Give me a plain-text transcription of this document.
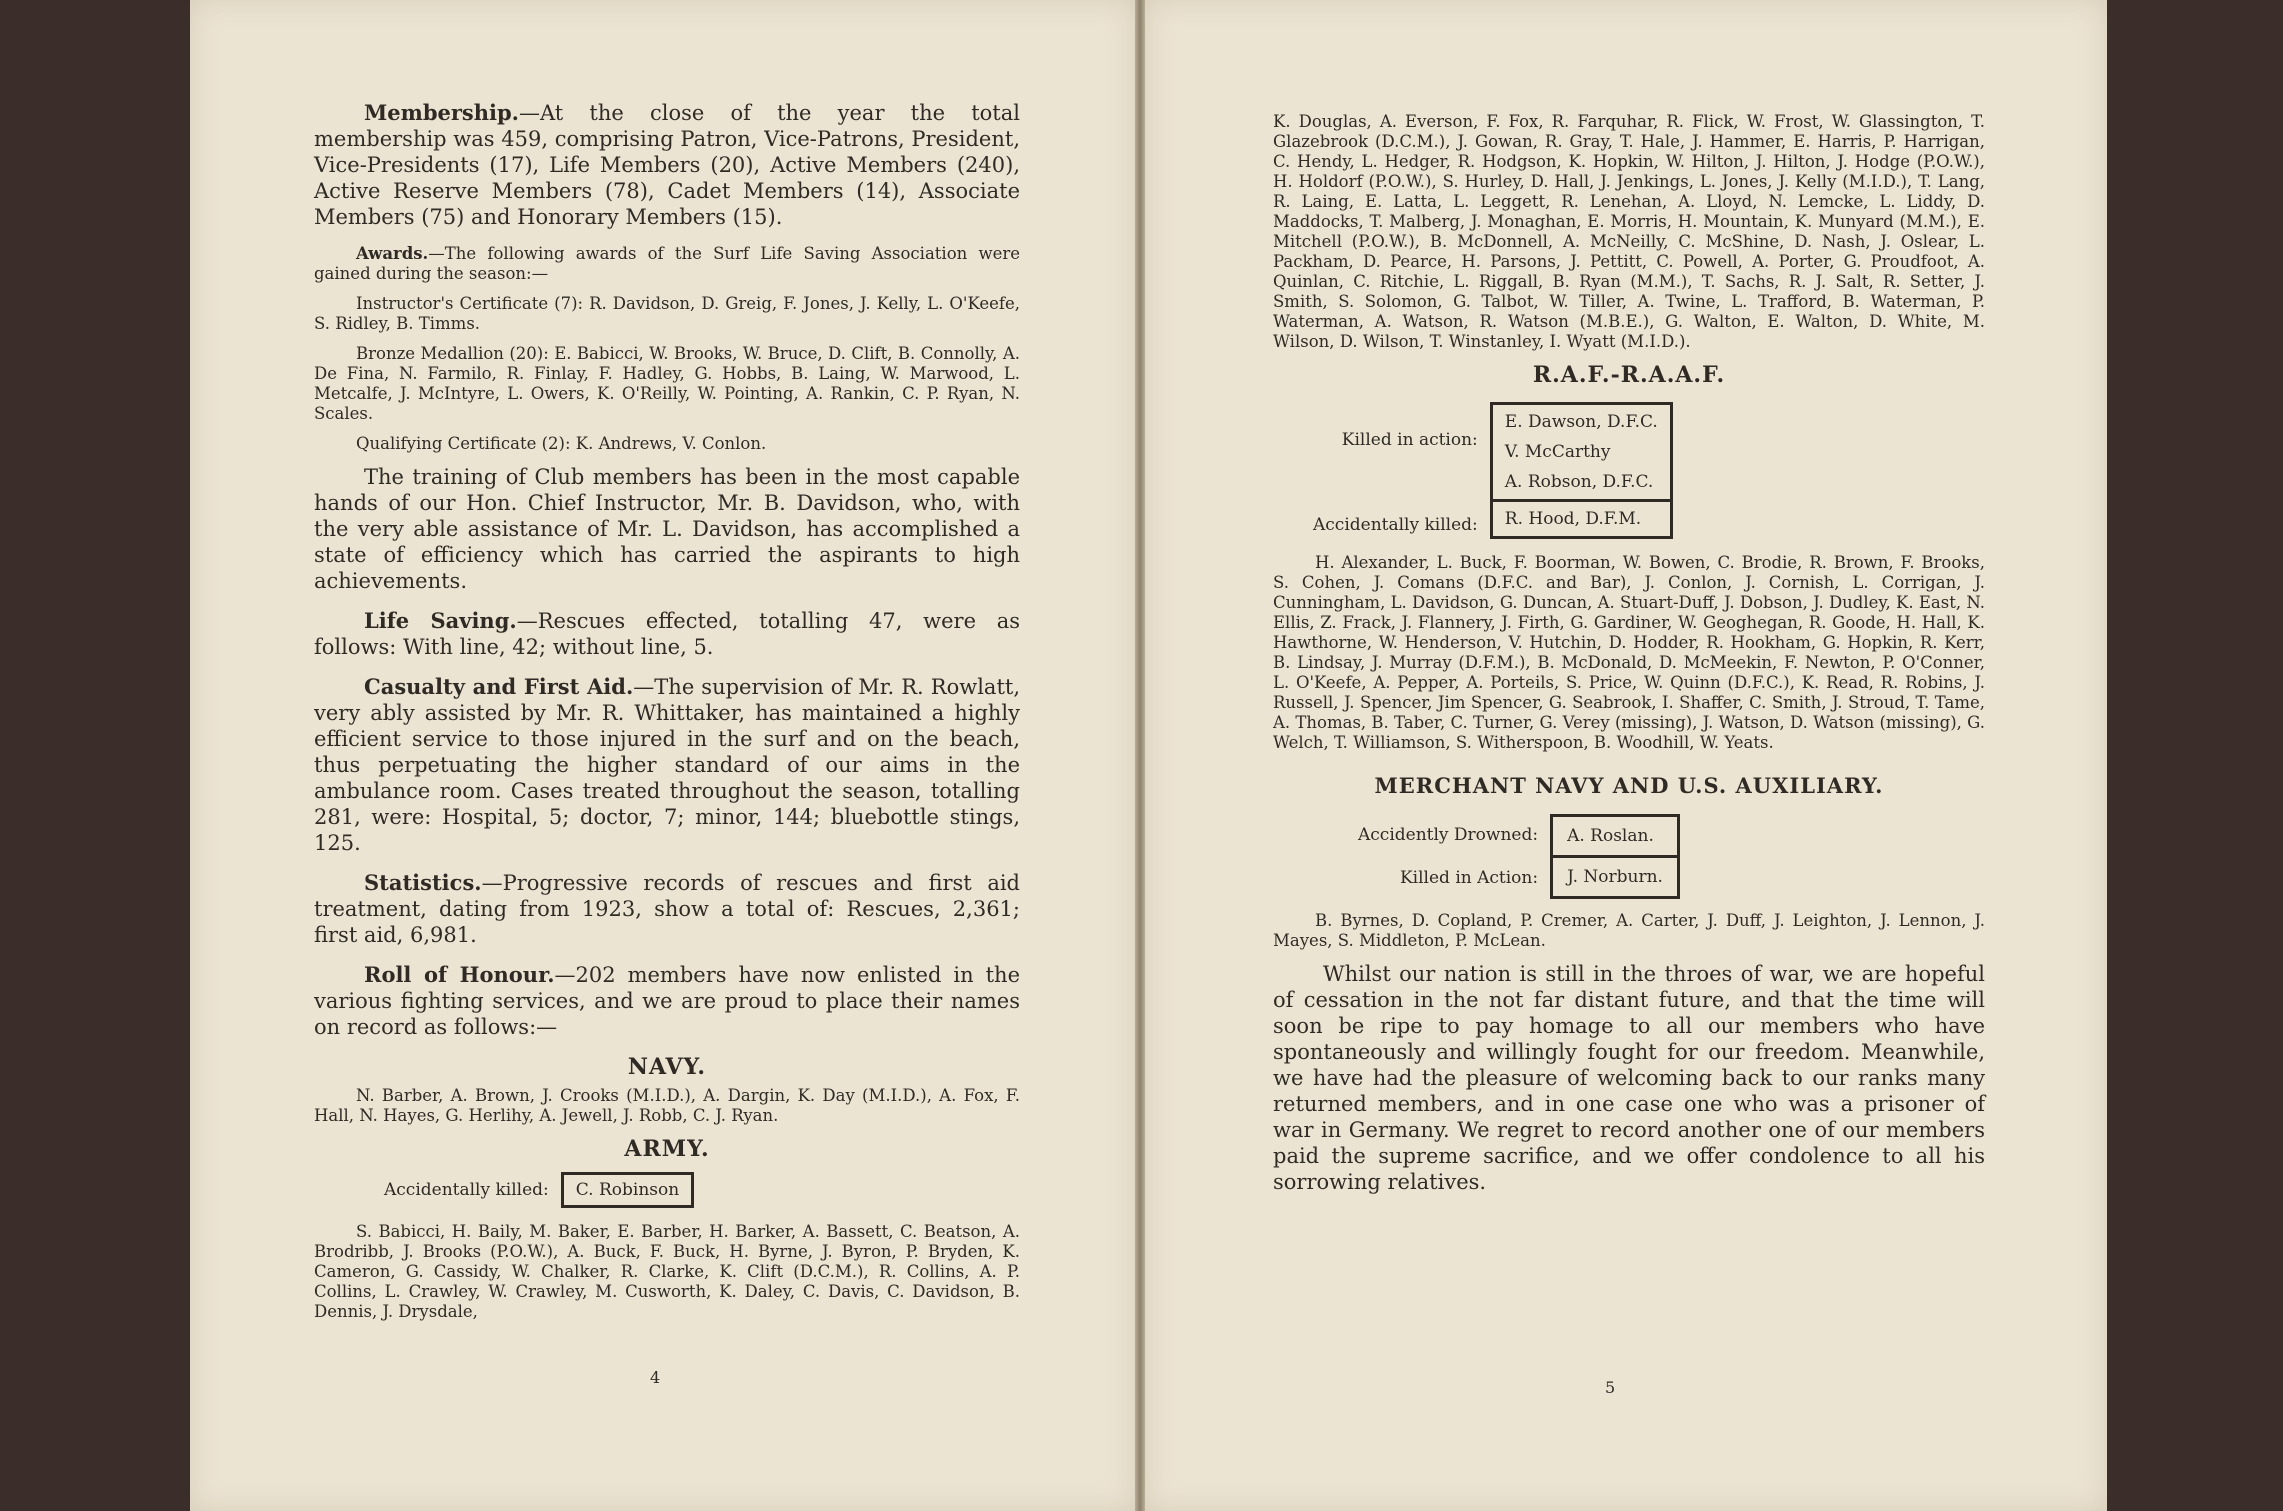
Membership.—At the close of the year the total membership was 459, comprising Patron, Vice-Patrons, President, Vice-Presidents (17), Life Members (20), Active Members (240), Active Reserve Members (78), Cadet Members (14), Associate Members (75) and Honorary Members (15).

Awards.—The following awards of the Surf Life Saving Association were gained during the season:—

Instructor's Certificate (7): R. Davidson, D. Greig, F. Jones, J. Kelly, L. O'Keefe, S. Ridley, B. Timms.

Bronze Medallion (20): E. Babicci, W. Brooks, W. Bruce, D. Clift, B. Connolly, A. De Fina, N. Farmilo, R. Finlay, F. Hadley, G. Hobbs, B. Laing, W. Marwood, L. Metcalfe, J. McIntyre, L. Owers, K. O'Reilly, W. Pointing, A. Rankin, C. P. Ryan, N. Scales.

Qualifying Certificate (2): K. Andrews, V. Conlon.

The training of Club members has been in the most capable hands of our Hon. Chief Instructor, Mr. B. Davidson, who, with the very able assistance of Mr. L. Davidson, has accomplished a state of efficiency which has carried the aspirants to high achievements.

Life Saving.—Rescues effected, totalling 47, were as follows: With line, 42; without line, 5.

Casualty and First Aid.—The supervision of Mr. R. Rowlatt, very ably assisted by Mr. R. Whittaker, has maintained a highly efficient service to those injured in the surf and on the beach, thus perpetuating the higher standard of our aims in the ambulance room. Cases treated throughout the season, totalling 281, were: Hospital, 5; doctor, 7; minor, 144; bluebottle stings, 125.

Statistics.—Progressive records of rescues and first aid treatment, dating from 1923, show a total of: Rescues, 2,361; first aid, 6,981.

Roll of Honour.—202 members have now enlisted in the various fighting services, and we are proud to place their names on record as follows:—

NAVY.

N. Barber, A. Brown, J. Crooks (M.I.D.), A. Dargin, K. Day (M.I.D.), A. Fox, F. Hall, N. Hayes, G. Herlihy, A. Jewell, J. Robb, C. J. Ryan.

ARMY.
Accidentally killed:	C. Robinson

S. Babicci, H. Baily, M. Baker, E. Barber, H. Barker, A. Bassett, C. Beatson, A. Brodribb, J. Brooks (P.O.W.), A. Buck, F. Buck, H. Byrne, J. Byron, P. Bryden, K. Cameron, G. Cassidy, W. Chalker, R. Clarke, K. Clift (D.C.M.), R. Collins, A. P. Collins, L. Crawley, W. Crawley, M. Cusworth, K. Daley, C. Davis, C. Davidson, B. Dennis, J. Drysdale,

4

K. Douglas, A. Everson, F. Fox, R. Farquhar, R. Flick, W. Frost, W. Glassington, T. Glazebrook (D.C.M.), J. Gowan, R. Gray, T. Hale, J. Hammer, E. Harris, P. Harrigan, C. Hendy, L. Hedger, R. Hodgson, K. Hopkin, W. Hilton, J. Hilton, J. Hodge (P.O.W.), H. Holdorf (P.O.W.), S. Hurley, D. Hall, J. Jenkings, L. Jones, J. Kelly (M.I.D.), T. Lang, R. Laing, E. Latta, L. Leggett, R. Lenehan, A. Lloyd, N. Lemcke, L. Liddy, D. Maddocks, T. Malberg, J. Monaghan, E. Morris, H. Mountain, K. Munyard (M.M.), E. Mitchell (P.O.W.), B. McDonnell, A. McNeilly, C. McShine, D. Nash, J. Oslear, L. Packham, D. Pearce, H. Parsons, J. Pettitt, C. Powell, A. Porter, G. Proudfoot, A. Quinlan, C. Ritchie, L. Riggall, B. Ryan (M.M.), T. Sachs, R. J. Salt, R. Setter, J. Smith, S. Solomon, G. Talbot, W. Tiller, A. Twine, L. Trafford, B. Waterman, P. Waterman, A. Watson, R. Watson (M.B.E.), G. Walton, E. Walton, D. White, M. Wilson, D. Wilson, T. Winstanley, I. Wyatt (M.I.D.).

R.A.F.-R.A.A.F.
Killed in action:
Accidentally killed:
E. Dawson, D.F.C.
V. McCarthy
A. Robson, D.F.C.
R. Hood, D.F.M.

H. Alexander, L. Buck, F. Boorman, W. Bowen, C. Brodie, R. Brown, F. Brooks, S. Cohen, J. Comans (D.F.C. and Bar), J. Conlon, J. Cornish, L. Corrigan, J. Cunningham, L. Davidson, G. Duncan, A. Stuart-Duff, J. Dobson, J. Dudley, K. East, N. Ellis, Z. Frack, J. Flannery, J. Firth, G. Gardiner, W. Geoghegan, R. Goode, H. Hall, K. Hawthorne, W. Henderson, V. Hutchin, D. Hodder, R. Hookham, G. Hopkin, R. Kerr, B. Lindsay, J. Murray (D.F.M.), B. McDonald, D. McMeekin, F. Newton, P. O'Conner, L. O'Keefe, A. Pepper, A. Porteils, S. Price, W. Quinn (D.F.C.), K. Read, R. Robins, J. Russell, J. Spencer, Jim Spencer, G. Seabrook, I. Shaffer, C. Smith, J. Stroud, T. Tame, A. Thomas, B. Taber, C. Turner, G. Verey (missing), J. Watson, D. Watson (missing), G. Welch, T. Williamson, S. Witherspoon, B. Woodhill, W. Yeats.

MERCHANT NAVY AND U.S. AUXILIARY.
Accidently Drowned:
Killed in Action:
A. Roslan.
J. Norburn.

B. Byrnes, D. Copland, P. Cremer, A. Carter, J. Duff, J. Leighton, J. Lennon, J. Mayes, S. Middleton, P. McLean.

Whilst our nation is still in the throes of war, we are hopeful of cessation in the not far distant future, and that the time will soon be ripe to pay homage to all our members who have spontaneously and willingly fought for our freedom. Meanwhile, we have had the pleasure of welcoming back to our ranks many returned members, and in one case one who was a prisoner of war in Germany. We regret to record another one of our members paid the supreme sacrifice, and we offer condolence to all his sorrowing relatives.

5
